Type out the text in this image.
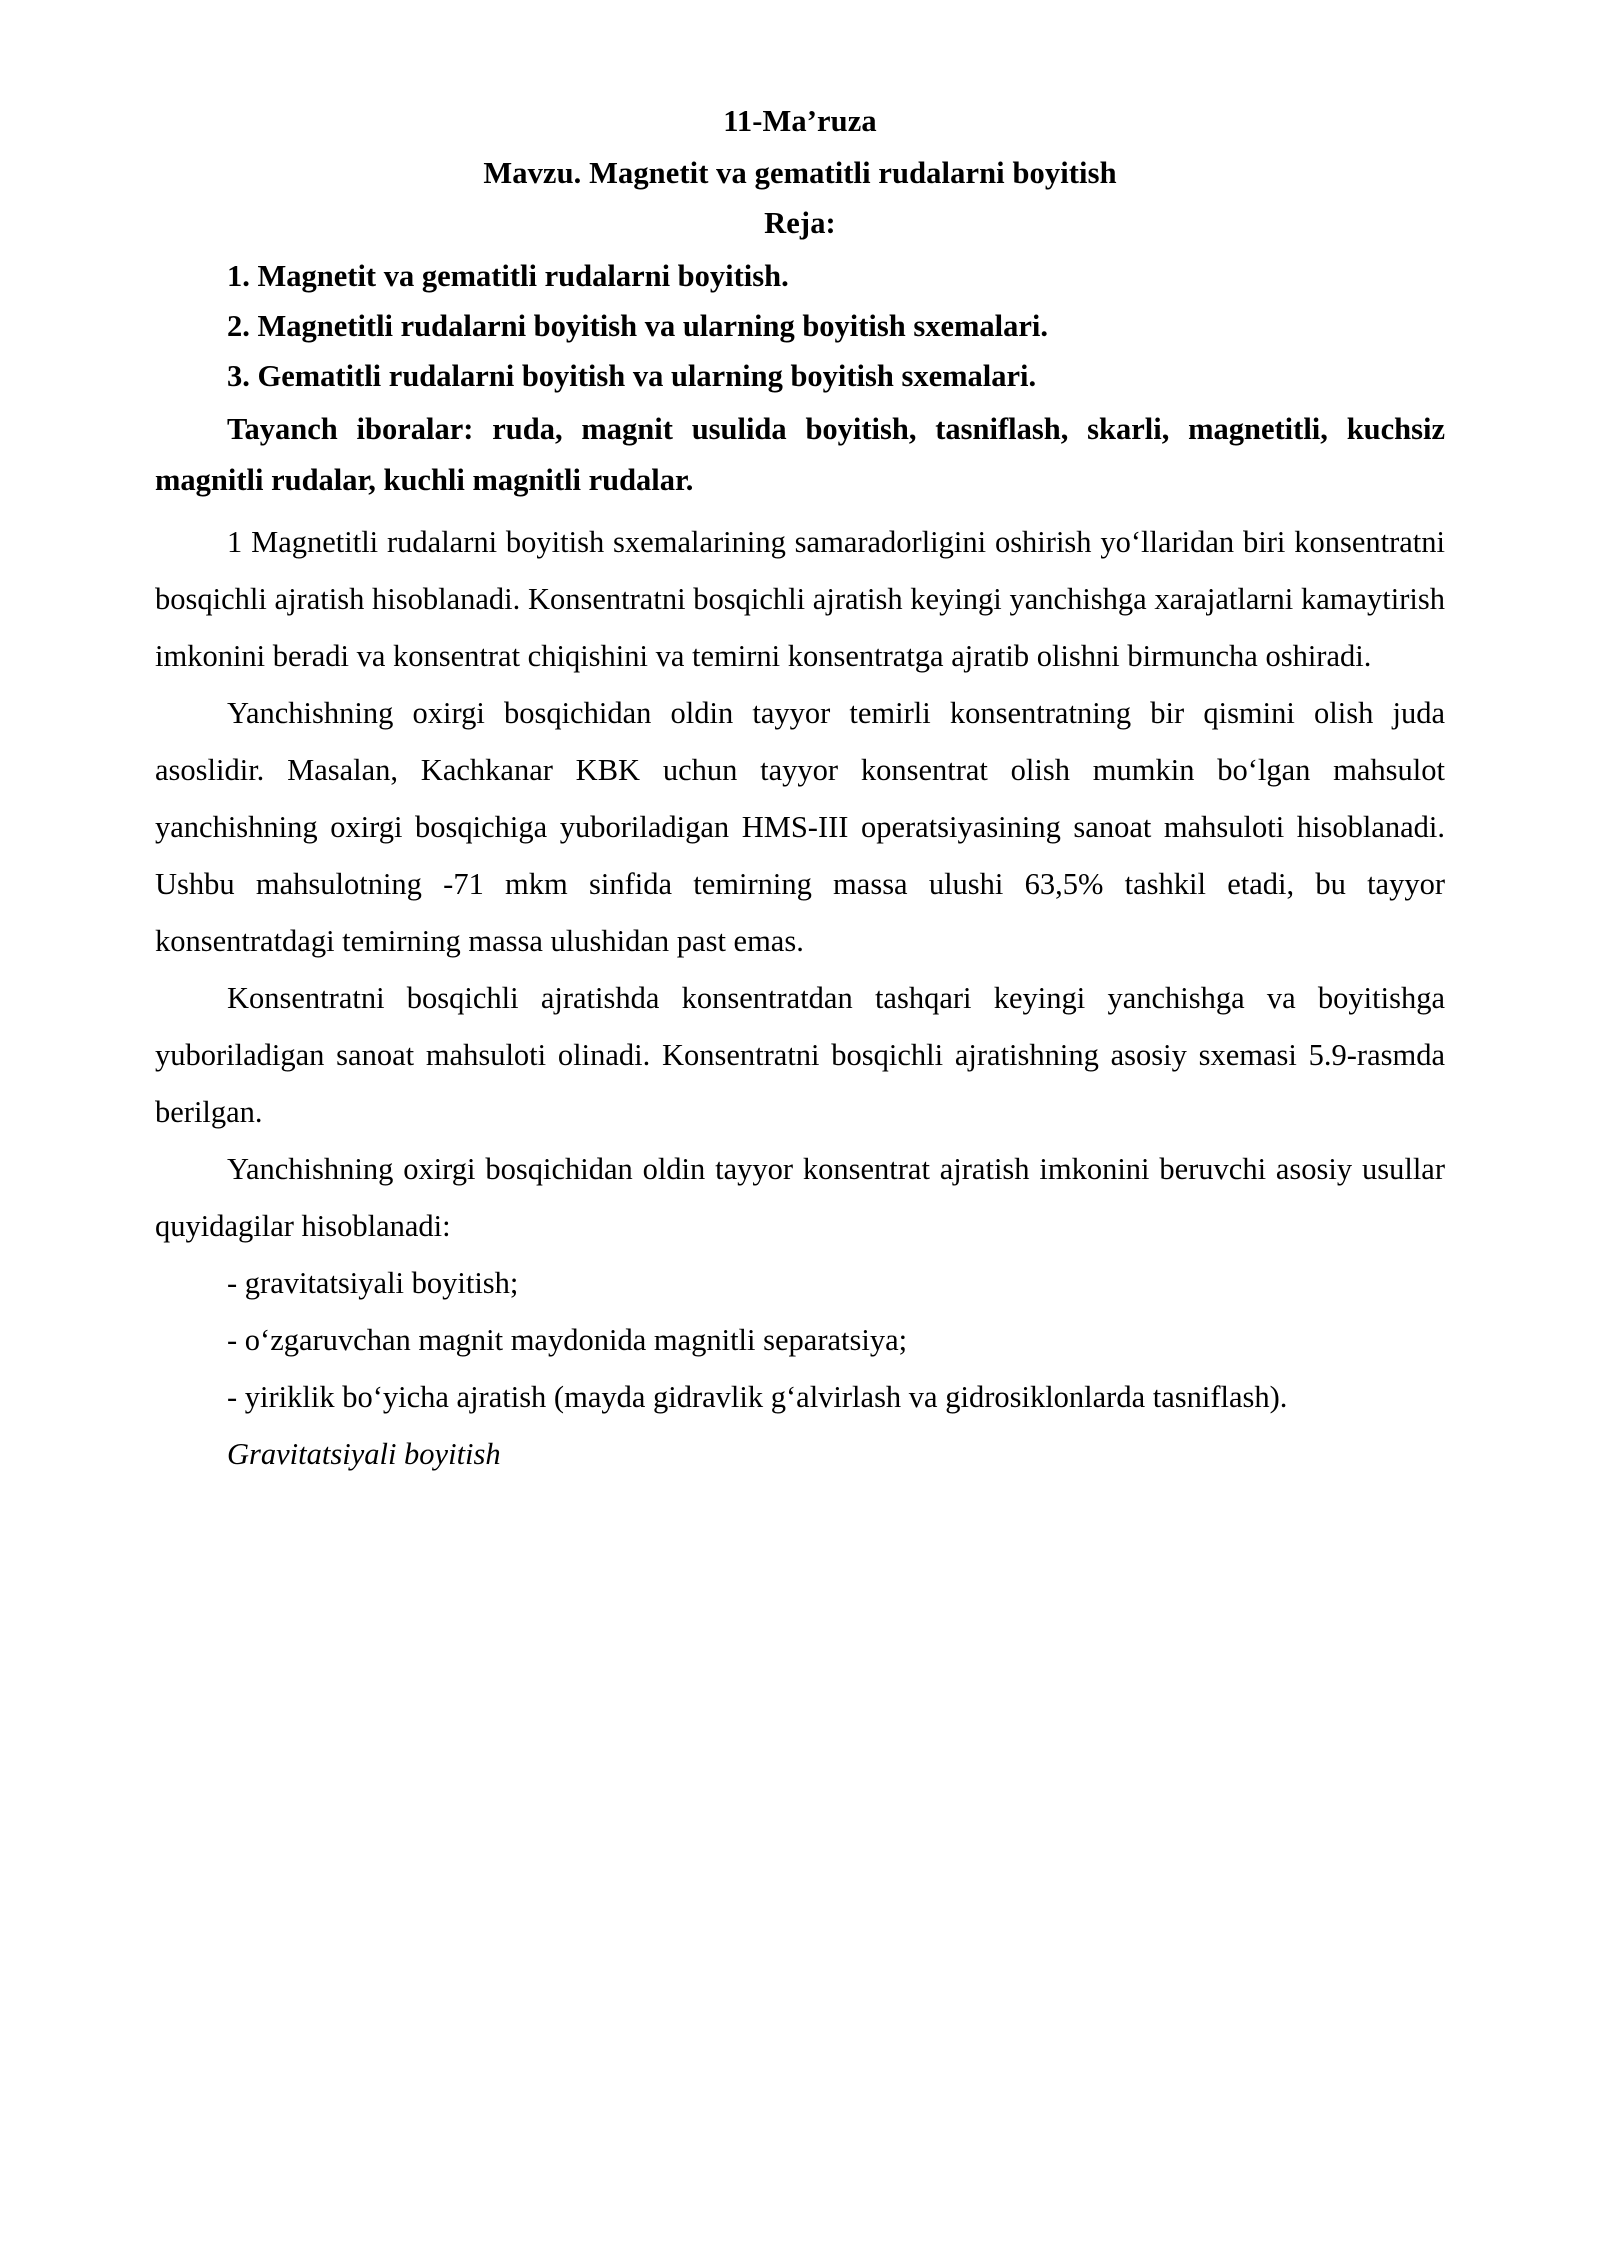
11-Ma’ruza
Mavzu. Magnetit va gematitli rudalarni boyitish
Reja:

1. Magnetit va gematitli rudalarni boyitish.

2. Magnetitli rudalarni boyitish va ularning boyitish sxemalari.

3. Gematitli rudalarni boyitish va ularning boyitish sxemalari.

Tayanch iboralar: ruda, magnit usulida boyitish, tasniflash, skarli, magnetitli, kuchsiz magnitli rudalar, kuchli magnitli rudalar.

1 Magnetitli rudalarni boyitish sxemalarining samaradorligini oshirish yo‘llaridan biri konsentratni bosqichli ajratish hisoblanadi. Konsentratni bosqichli ajratish keyingi yanchishga xarajatlarni kamaytirish imkonini beradi va konsentrat chiqishini va temirni konsentratga ajratib olishni birmuncha oshiradi.

Yanchishning oxirgi bosqichidan oldin tayyor temirli konsentratning bir qismini olish juda asoslidir. Masalan, Kachkanar KBK uchun tayyor konsentrat olish mumkin bo‘lgan mahsulot yanchishning oxirgi bosqichiga yuboriladigan HMS-III operatsiyasining sanoat mahsuloti hisoblanadi. Ushbu mahsulotning -71 mkm sinfida temirning massa ulushi 63,5% tashkil etadi, bu tayyor konsentratdagi temirning massa ulushidan past emas.

Konsentratni bosqichli ajratishda konsentratdan tashqari keyingi yanchishga va boyitishga yuboriladigan sanoat mahsuloti olinadi. Konsentratni bosqichli ajratishning asosiy sxemasi 5.9-rasmda berilgan.

Yanchishning oxirgi bosqichidan oldin tayyor konsentrat ajratish imkonini beruvchi asosiy usullar quyidagilar hisoblanadi:

- gravitatsiyali boyitish;

- o‘zgaruvchan magnit maydonida magnitli separatsiya;

- yiriklik bo‘yicha ajratish (mayda gidravlik g‘alvirlash va gidrosiklonlarda tasniflash).

Gravitatsiyali boyitish
